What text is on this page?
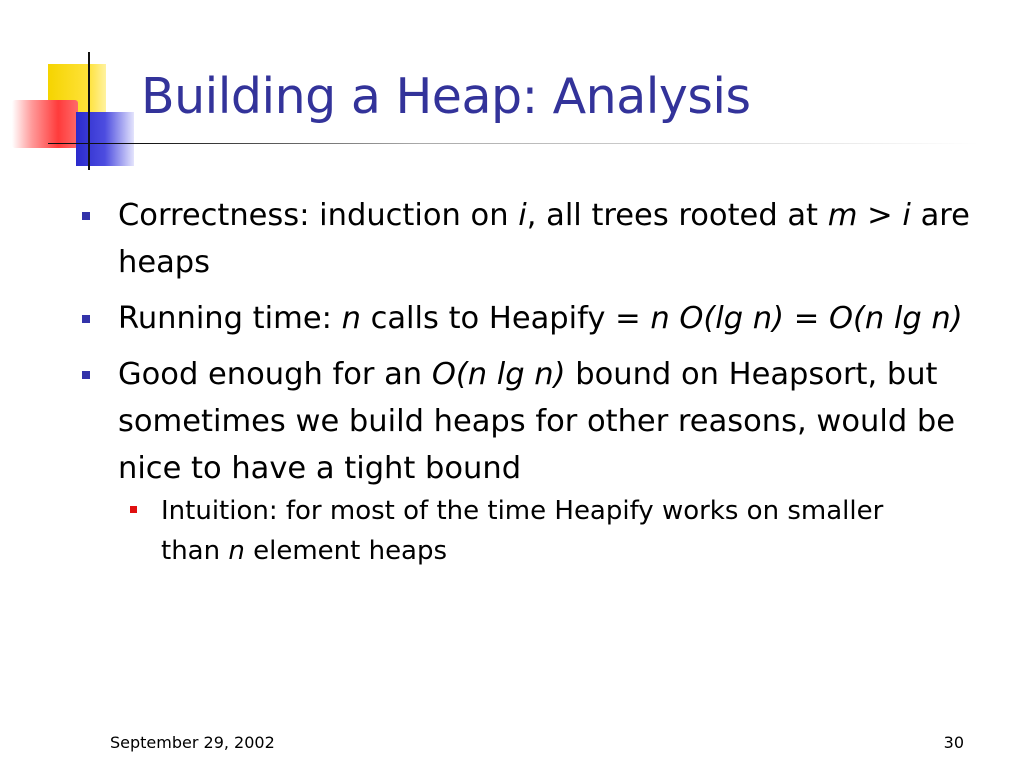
Building a Heap: Analysis
Correctness: induction on i, all trees rooted at m > i are heaps
Running time: n calls to Heapify = n O(lg n) = O(n lg n)
Good enough for an O(n lg n) bound on Heapsort, but sometimes we build heaps for other reasons, would be nice to have a tight bound
Intuition: for most of the time Heapify works on smaller than n element heaps
September 29, 2002	30
